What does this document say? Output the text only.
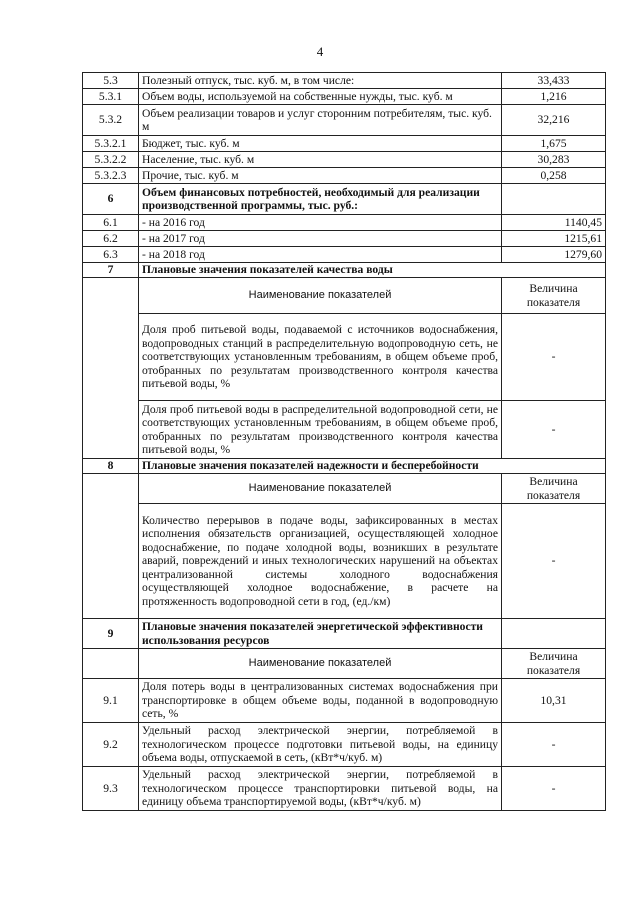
4
5.3	Полезный отпуск, тыс. куб. м, в том числе:	33,433
5.3.1	Объем воды, используемой на собственные нужды, тыс. куб. м	1,216
5.3.2	Объем реализации товаров и услуг сторонним потребителям, тыс. куб. м	32,216
5.3.2.1	Бюджет, тыс. куб. м	1,675
5.3.2.2	Население, тыс. куб. м	30,283
5.3.2.3	Прочие, тыс. куб. м	0,258
6	Объем финансовых потребностей, необходимый для реализации производственной программы, тыс. руб.:	
6.1	- на 2016 год	1140,45
6.2	- на 2017 год	1215,61
6.3	- на 2018 год	1279,60
7	Плановые значения показателей качества воды	
	Наименование показателей	Величина показателя
	Доля проб питьевой воды, подаваемой с источников водоснабжения, водопроводных станций в распределительную водопроводную сеть, не соответствующих установленным требованиям, в общем объеме проб, отобранных по результатам производственного контроля качества питьевой воды, %	-
	Доля проб питьевой воды в распределительной водопроводной сети, не соответствующих установленным требованиям, в общем объеме проб, отобранных по результатам производственного контроля качества питьевой воды, %	-
8	Плановые значения показателей надежности и бесперебойности	
	Наименование показателей	Величина показателя
	Количество перерывов в подаче воды, зафиксированных в местах исполнения обязательств организацией, осуществляющей холодное водоснабжение, по подаче холодной воды, возникших в результате аварий, повреждений и иных технологических нарушений на объектах централизованной системы холодного водоснабжения осуществляющей холодное водоснабжение, в расчете на протяженность водопроводной сети в год, (ед./км)	-
9	Плановые значения показателей энергетической эффективности использования ресурсов	
	Наименование показателей	Величина показателя
9.1	Доля потерь воды в централизованных системах водоснабжения при транспортировке в общем объеме воды, поданной в водопроводную сеть, %	10,31
9.2	Удельный расход электрической энергии, потребляемой в технологическом процессе подготовки питьевой воды, на единицу объема воды, отпускаемой в сеть, (кВт*ч/куб. м)	-
9.3	Удельный расход электрической энергии, потребляемой в технологическом процессе транспортировки питьевой воды, на единицу объема транспортируемой воды, (кВт*ч/куб. м)	-
